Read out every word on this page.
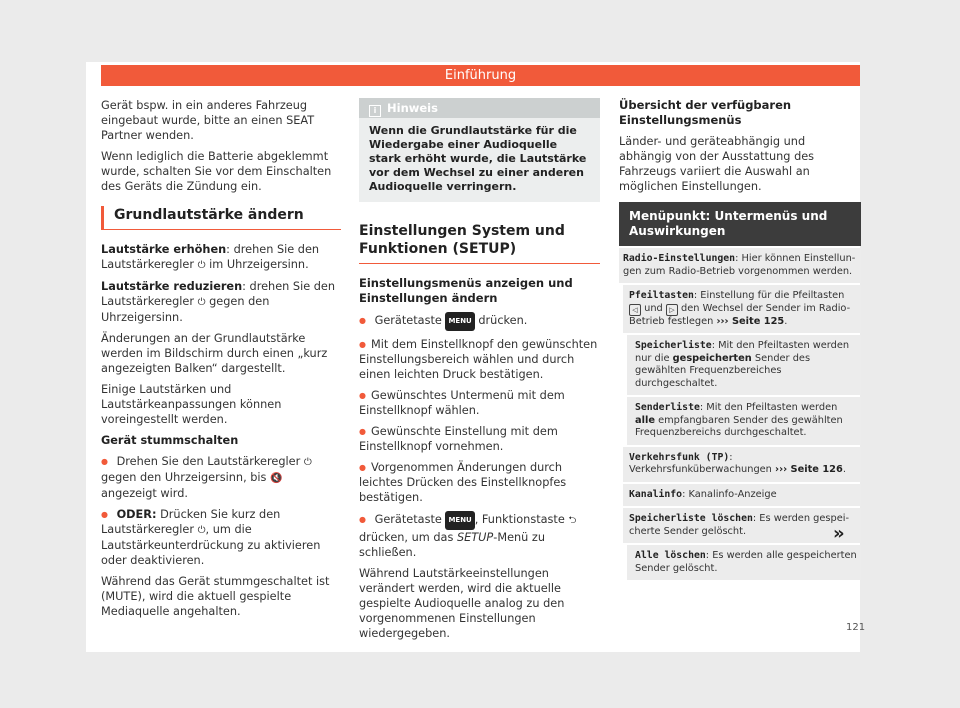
Einführung

Gerät bspw. in ein anderes Fahrzeug eingebaut wurde, bitte an einen SEAT Partner wenden.

Wenn lediglich die Batterie abgeklemmt wurde, schalten Sie vor dem Einschalten des Geräts die Zündung ein.

Grundlautstärke ändern

Lautstärke erhöhen: drehen Sie den Lautstärkeregler ⏻ im Uhrzeigersinn.

Lautstärke reduzieren: drehen Sie den Lautstärkeregler ⏻ gegen den Uhrzeigersinn.

Änderungen an der Grundlautstärke werden im Bildschirm durch einen „kurz angezeigten Balken“ dargestellt.

Einige Lautstärken und Lautstärkeanpassungen können voreingestellt werden.

Gerät stummschalten

● Drehen Sie den Lautstärkeregler ⏻ gegen den Uhrzeigersinn, bis 🔇 angezeigt wird.

● ODER: Drücken Sie kurz den Lautstärkeregler ⏻, um die Lautstärkeunterdrückung zu aktivieren oder deaktivieren.

Während das Gerät stummgeschaltet ist (MUTE), wird die aktuell gespielte Mediaquelle angehalten.

i Hinweis
Wenn die Grundlautstärke für die Wiedergabe einer Audioquelle stark erhöht wurde, die Lautstärke vor dem Wechsel zu einer anderen Audioquelle verringern.
Einstellungen System und Funktionen (SETUP)

Einstellungsmenüs anzeigen und Einstellungen ändern

● Gerätetaste MENU drücken.

● Mit dem Einstellknopf den gewünschten Einstellungsbereich wählen und durch einen leichten Druck bestätigen.

● Gewünschtes Untermenü mit dem Einstellknopf wählen.

● Gewünschte Einstellung mit dem Einstellknopf vornehmen.

● Vorgenommen Änderungen durch leichtes Drücken des Einstellknopfes bestätigen.

● Gerätetaste MENU , Funktionstaste ⮌ drücken, um das SETUP-Menü zu schließen.

Während Lautstärkeeinstellungen verändert werden, wird die aktuelle gespielte Audioquelle analog zu den vorgenommenen Einstellungen wiedergegeben.

Übersicht der verfügbaren Einstellungsmenüs

Länder- und geräteabhängig und abhängig von der Ausstattung des Fahrzeugs variiert die Auswahl an möglichen Einstellungen.

Menüpunkt: Untermenüs und Auswirkungen
Radio-Einstellungen: Hier können Einstellungen zum Radio-Betrieb vorgenommen werden.
Pfeiltasten: Einstellung für die Pfeiltasten ◁ und ▷ den Wechsel der Sender im Radio-Betrieb festlegen ››› Seite 125.
Speicherliste: Mit den Pfeiltasten werden nur die gespeicherten Sender des gewählten Frequenzbereiches durchgeschaltet.
Senderliste: Mit den Pfeiltasten werden alle empfangbaren Sender des gewählten Frequenzbereichs durchgeschaltet.
Verkehrsfunk (TP): Verkehrsfunküberwachungen ››› Seite 126.
Kanalinfo: Kanalinfo-Anzeige
Speicherliste löschen: Es werden gespeicherte Sender gelöscht.
Alle löschen: Es werden alle gespeicherten Sender gelöscht.
»
121
